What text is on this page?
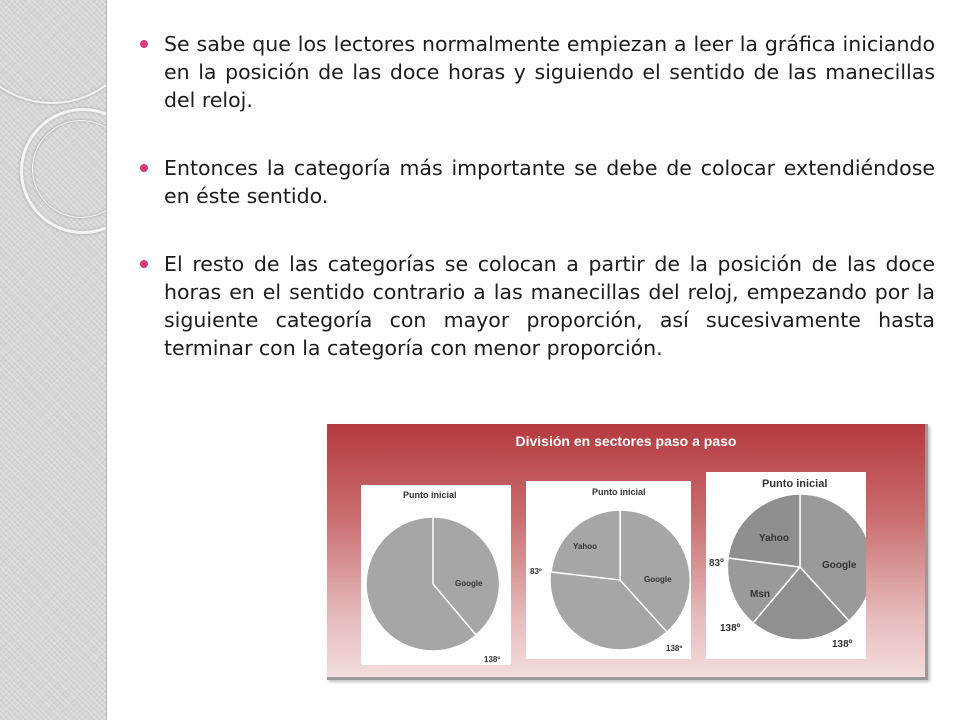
Se sabe que los lectores normalmente empiezan a leer la gráfica iniciando en la posición de las doce horas y siguiendo el sentido de las manecillas del reloj.

Entonces la categoría más importante se debe de colocar extendiéndose en éste sentido.

El resto de las categorías se colocan a partir de la posición de las doce horas en el sentido contrario a las manecillas del reloj, empezando por la siguiente categoría con mayor proporción, así sucesivamente hasta terminar con la categoría con menor proporción.

División en sectores paso a paso
Punto inicial
Google
138º
Punto inicial
Yahoo
Google
83º
138º
Punto inicial
Yahoo
Google
Msn
83º
138º
138º
